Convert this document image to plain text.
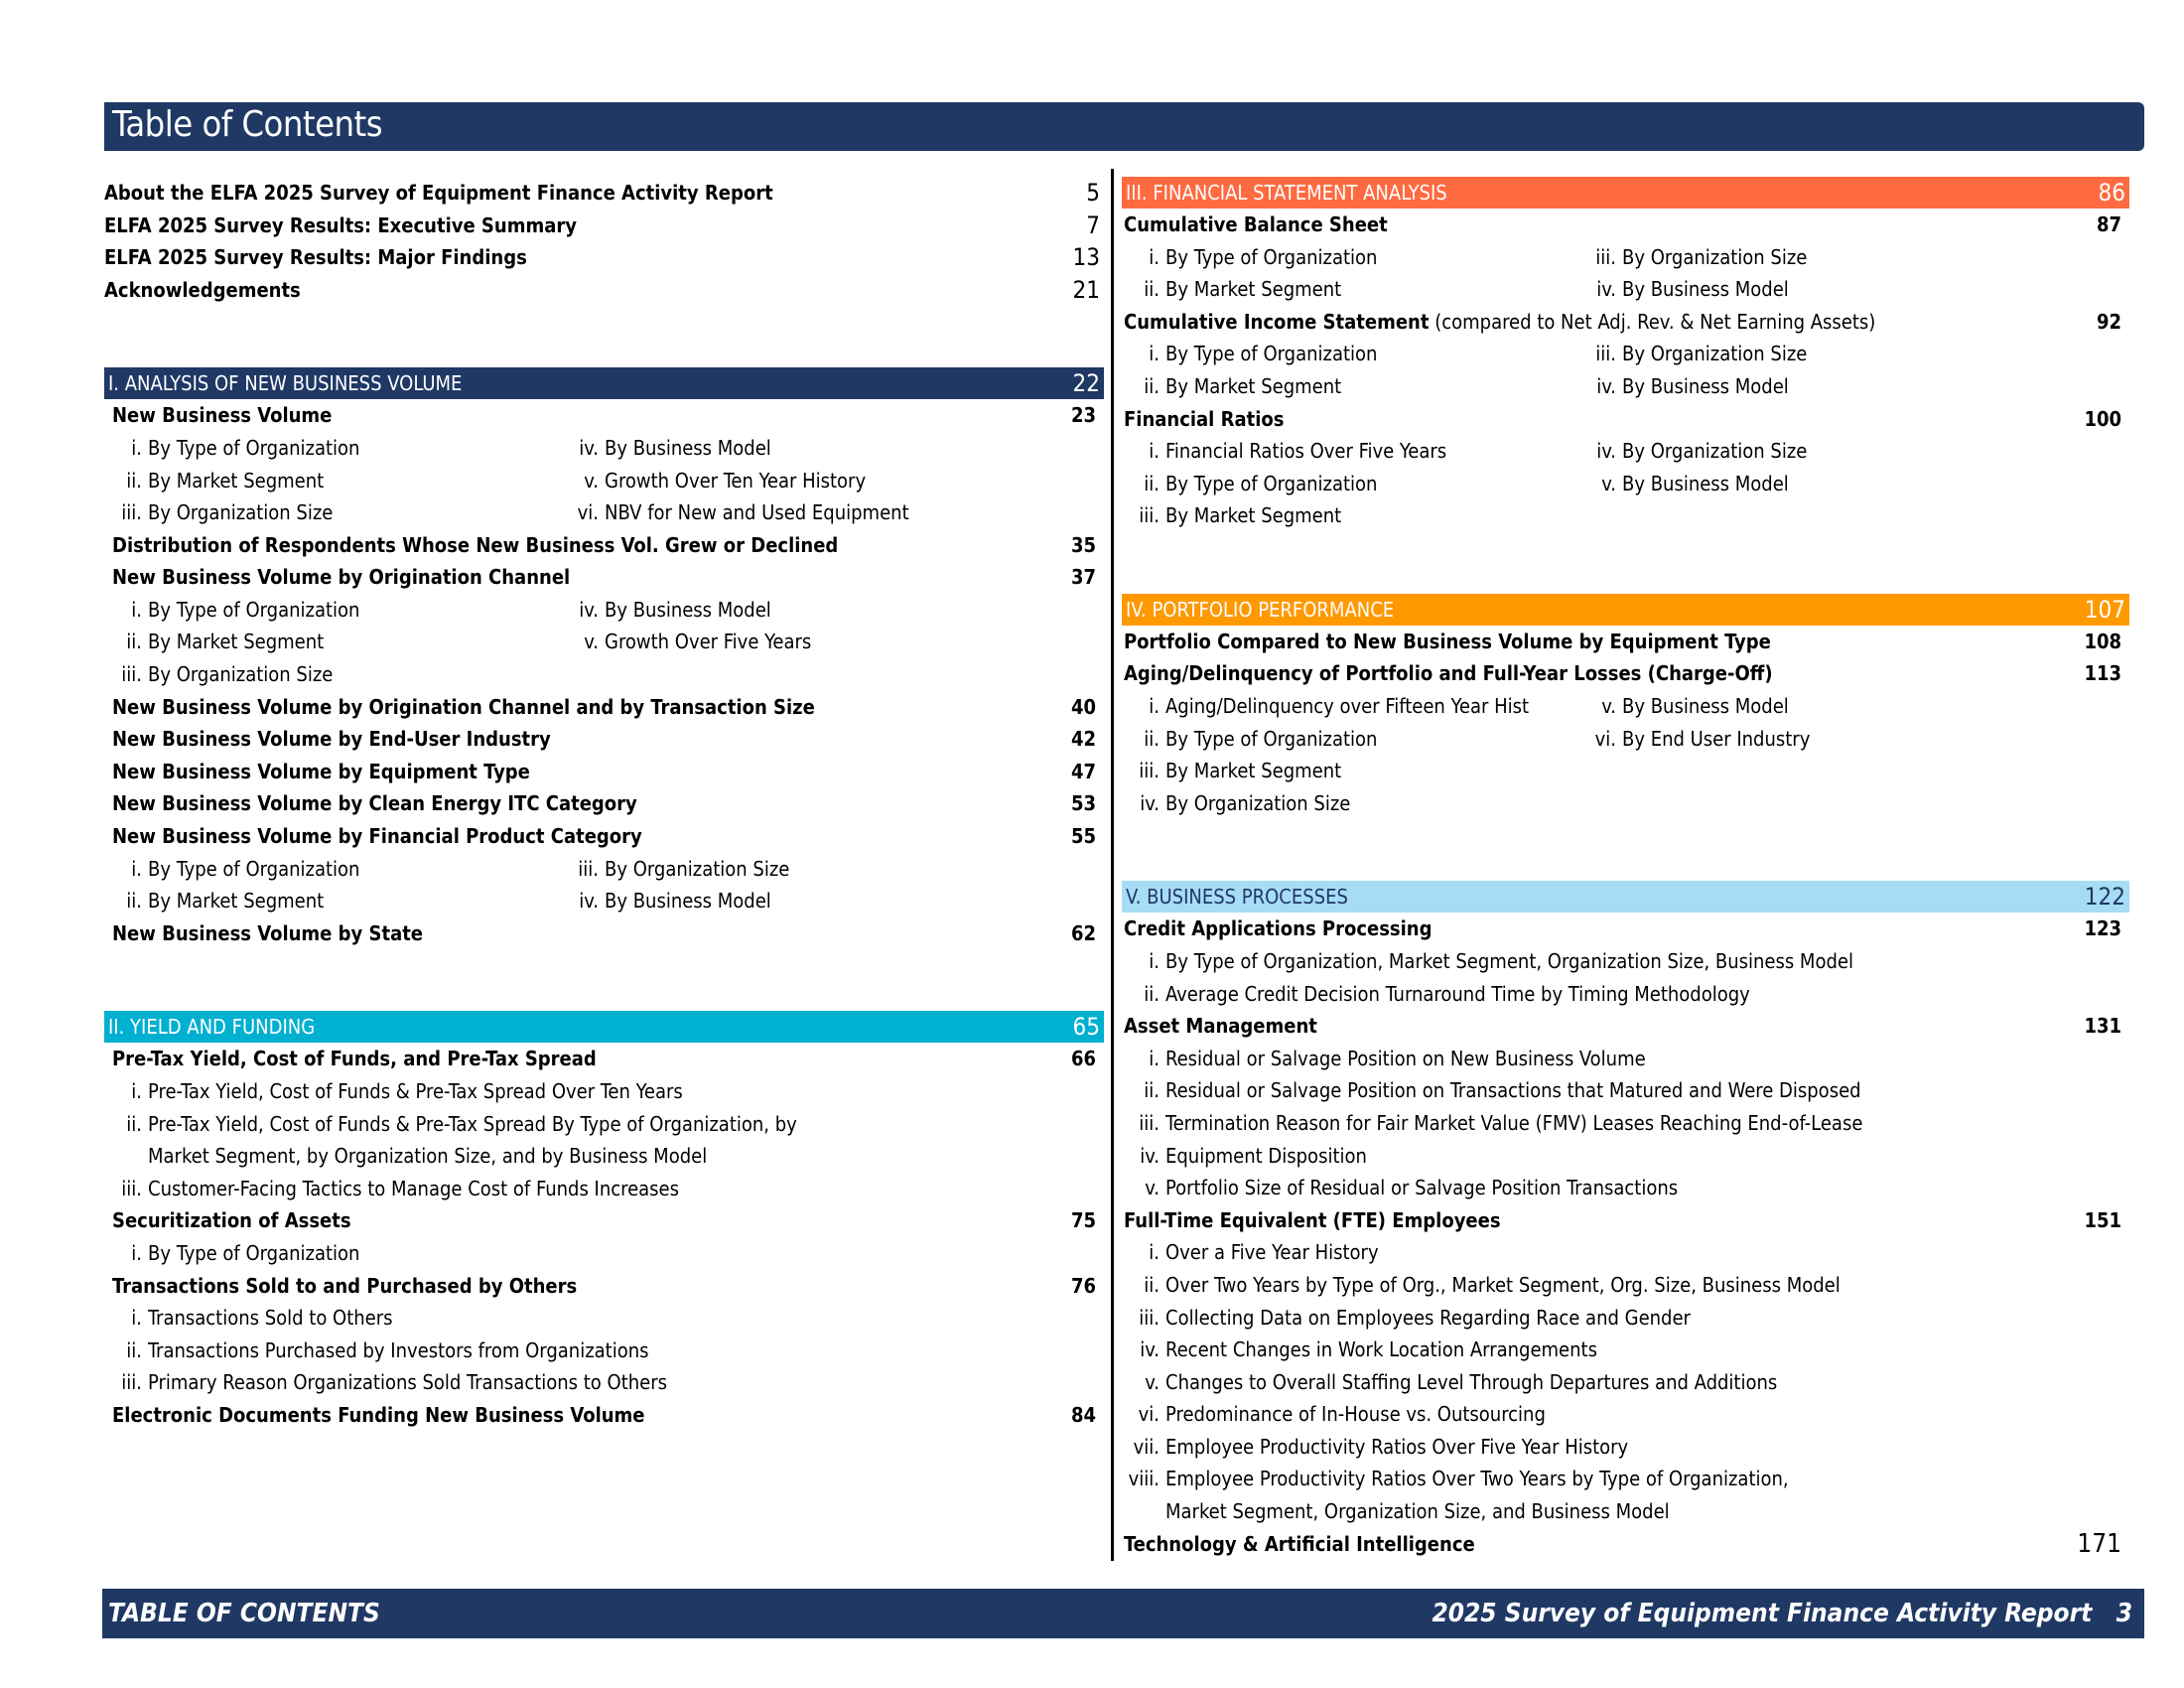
Table of Contents
About the ELFA 2025 Survey of Equipment Finance Activity Report	5
ELFA 2025 Survey Results: Executive Summary	7
ELFA 2025 Survey Results: Major Findings	13
Acknowledgements	21
I. ANALYSIS OF NEW BUSINESS VOLUME	22
New Business Volume	23
i. By Type of Organization	iv. By Business Model
ii. By Market Segment	v. Growth Over Ten Year History
iii. By Organization Size	vi. NBV for New and Used Equipment
Distribution of Respondents Whose New Business Vol. Grew or Declined	35
New Business Volume by Origination Channel	37
i. By Type of Organization	iv. By Business Model
ii. By Market Segment	v. Growth Over Five Years
iii. By Organization Size
New Business Volume by Origination Channel and by Transaction Size	40
New Business Volume by End-User Industry	42
New Business Volume by Equipment Type	47
New Business Volume by Clean Energy ITC Category	53
New Business Volume by Financial Product Category	55
i. By Type of Organization	iii. By Organization Size
ii. By Market Segment	iv. By Business Model
New Business Volume by State	62
II. YIELD AND FUNDING	65
Pre-Tax Yield, Cost of Funds, and Pre-Tax Spread	66
i. Pre-Tax Yield, Cost of Funds & Pre-Tax Spread Over Ten Years
ii. Pre-Tax Yield, Cost of Funds & Pre-Tax Spread By Type of Organization, by
Market Segment, by Organization Size, and by Business Model
iii. Customer-Facing Tactics to Manage Cost of Funds Increases
Securitization of Assets	75
i. By Type of Organization
Transactions Sold to and Purchased by Others	76
i. Transactions Sold to Others
ii. Transactions Purchased by Investors from Organizations
iii. Primary Reason Organizations Sold Transactions to Others
Electronic Documents Funding New Business Volume	84
III. FINANCIAL STATEMENT ANALYSIS	86
Cumulative Balance Sheet	87
i. By Type of Organization	iii. By Organization Size
ii. By Market Segment	iv. By Business Model
Cumulative Income Statement (compared to Net Adj. Rev. & Net Earning Assets)	92
i. By Type of Organization	iii. By Organization Size
ii. By Market Segment	iv. By Business Model
Financial Ratios	100
i. Financial Ratios Over Five Years	iv. By Organization Size
ii. By Type of Organization	v. By Business Model
iii. By Market Segment
IV. PORTFOLIO PERFORMANCE	107
Portfolio Compared to New Business Volume by Equipment Type	108
Aging/Delinquency of Portfolio and Full-Year Losses (Charge-Off)	113
i. Aging/Delinquency over Fifteen Year Hist	v. By Business Model
ii. By Type of Organization	vi. By End User Industry
iii. By Market Segment
iv. By Organization Size
V. BUSINESS PROCESSES	122
Credit Applications Processing	123
i. By Type of Organization, Market Segment, Organization Size, Business Model
ii. Average Credit Decision Turnaround Time by Timing Methodology
Asset Management	131
i. Residual or Salvage Position on New Business Volume
ii. Residual or Salvage Position on Transactions that Matured and Were Disposed
iii. Termination Reason for Fair Market Value (FMV) Leases Reaching End-of-Lease
iv. Equipment Disposition
v. Portfolio Size of Residual or Salvage Position Transactions
Full-Time Equivalent (FTE) Employees	151
i. Over a Five Year History
ii. Over Two Years by Type of Org., Market Segment, Org. Size, Business Model
iii. Collecting Data on Employees Regarding Race and Gender
iv. Recent Changes in Work Location Arrangements
v. Changes to Overall Staffing Level Through Departures and Additions
vi. Predominance of In-House vs. Outsourcing
vii. Employee Productivity Ratios Over Five Year History
viii. Employee Productivity Ratios Over Two Years by Type of Organization,
Market Segment, Organization Size, and Business Model
Technology & Artificial Intelligence	171
TABLE OF CONTENTS	2025 Survey of Equipment Finance Activity Report 3
